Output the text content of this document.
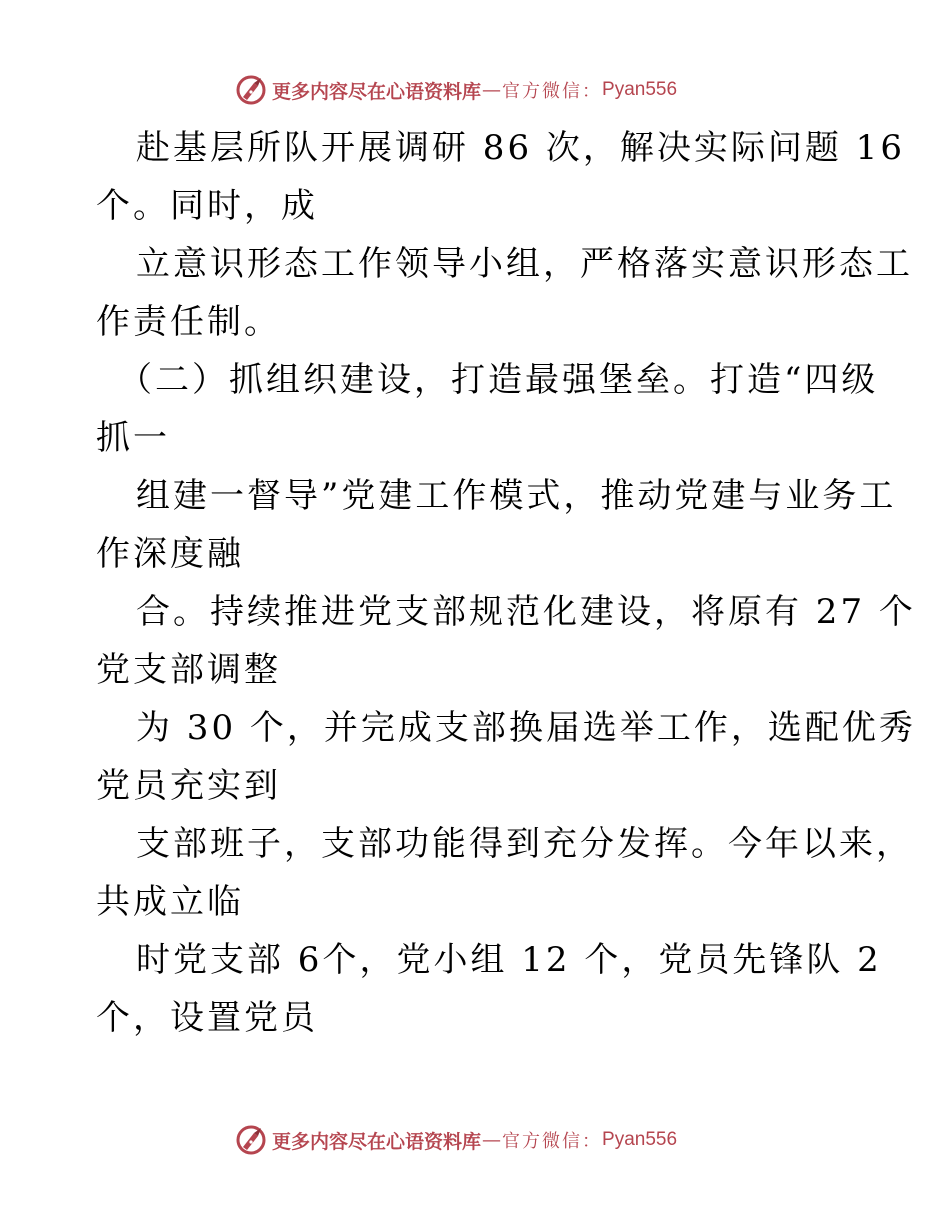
更多内容尽在心语资料库 — 官方微信： Pyan556
赴基层所队开展调研 86 次，解决实际问题 16
个。同时，成
立意识形态工作领导小组，严格落实意识形态工
作责任制。
（二）抓组织建设，打造最强堡垒。打造“四级
抓一
组建一督导”党建工作模式，推动党建与业务工
作深度融
合。持续推进党支部规范化建设，将原有 27 个
党支部调整
为 30 个，并完成支部换届选举工作，选配优秀
党员充实到
支部班子，支部功能得到充分发挥。今年以来，
共成立临
时党支部 6个，党小组 12 个，党员先锋队 2
个，设置党员
更多内容尽在心语资料库 — 官方微信： Pyan556
